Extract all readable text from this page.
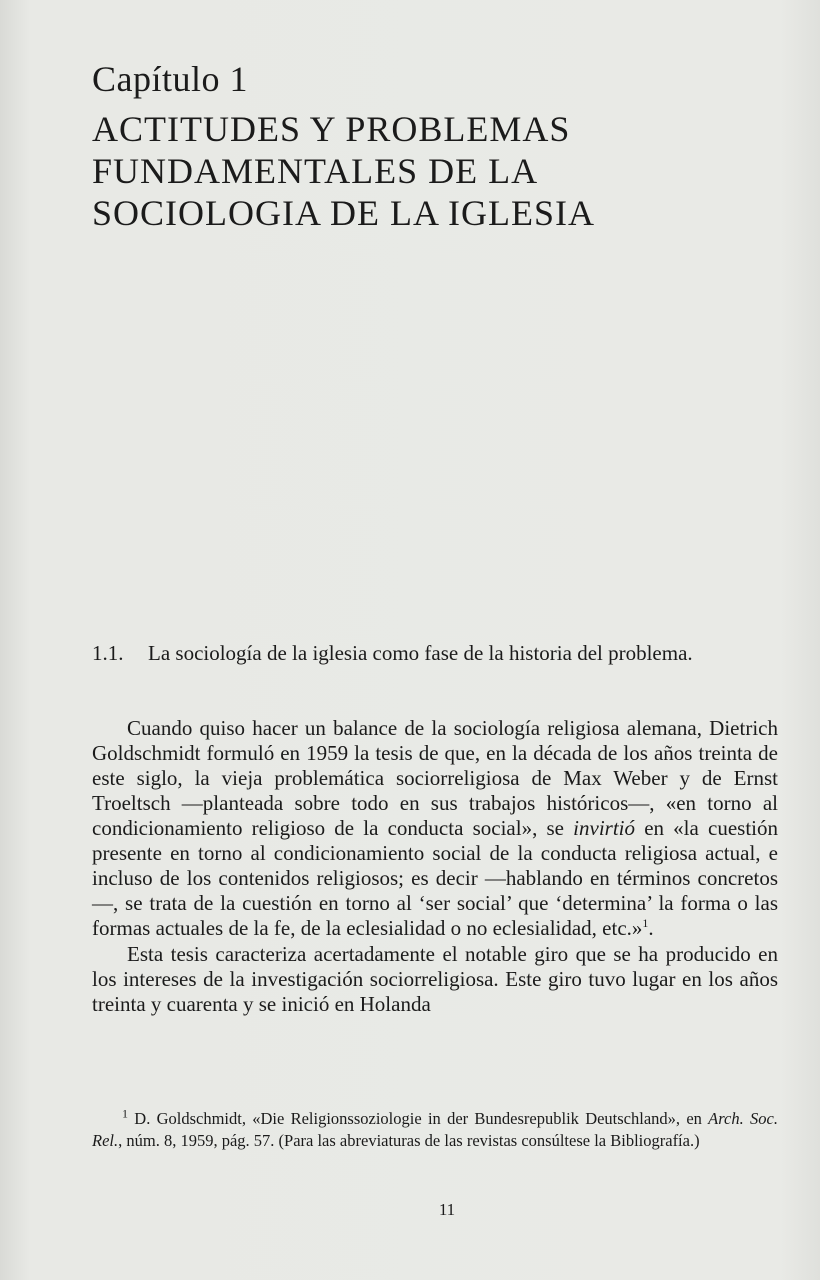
Capítulo 1
ACTITUDES Y PROBLEMAS
FUNDAMENTALES DE LA
SOCIOLOGIA DE LA IGLESIA
1.1. La sociología de la iglesia como fase de la historia del problema.

Cuando quiso hacer un balance de la sociología religiosa alemana, Dietrich Goldschmidt formuló en 1959 la tesis de que, en la década de los años treinta de este siglo, la vieja problemática sociorreligiosa de Max Weber y de Ernst Troeltsch —planteada sobre todo en sus trabajos históricos—, «en torno al condicionamiento religioso de la conducta social», se invirtió en «la cuestión presente en torno al condicionamiento social de la conducta religiosa actual, e incluso de los contenidos religiosos; es decir —hablando en términos concretos—, se trata de la cuestión en torno al ‘ser social’ que ‘determina’ la forma o las formas actuales de la fe, de la eclesialidad o no eclesialidad, etc.»$^1$.

Esta tesis caracteriza acertadamente el notable giro que se ha producido en los intereses de la investigación sociorreligiosa. Este giro tuvo lugar en los años treinta y cuarenta y se inició en Holanda

$^1$ D. Goldschmidt, «Die Religionssoziologie in der Bundesrepublik Deutschland», en Arch. Soc. Rel., núm. 8, 1959, pág. 57. (Para las abreviaturas de las revistas consúltese la Bibliografía.)

11
